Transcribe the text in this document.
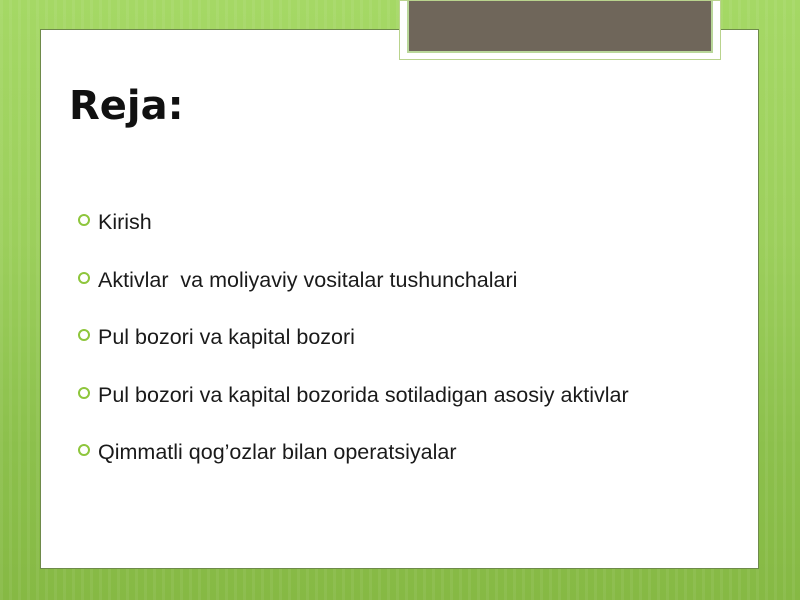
Reja:
Kirish
Aktivlar  va moliyaviy vositalar tushunchalari
Pul bozori va kapital bozori
Pul bozori va kapital bozorida sotiladigan asosiy aktivlar
Qimmatli qog’ozlar bilan operatsiyalar
